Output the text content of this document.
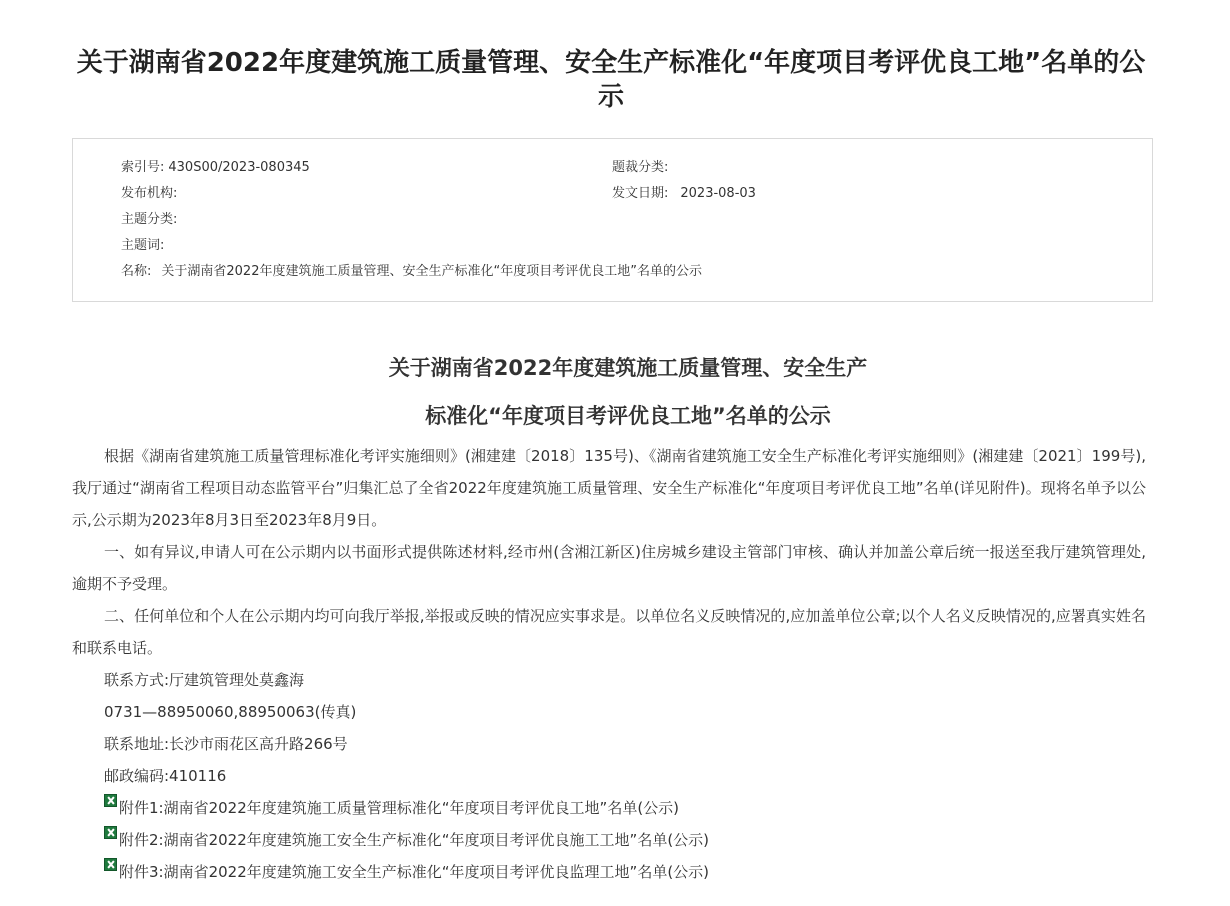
关于湖南省2022年度建筑施工质量管理、安全生产标准化“年度项目考评优良工地”名单的公
示
索引号: 430S00/2023-080345	题裁分类:
发布机构:	发文日期: 2023-08-03
主题分类:
主题词:
名称: 关于湖南省2022年度建筑施工质量管理、安全生产标准化“年度项目考评优良工地”名单的公示
关于湖南省2022年度建筑施工质量管理、安全生产
标准化“年度项目考评优良工地”名单的公示

根据《湖南省建筑施工质量管理标准化考评实施细则》(湘建建〔2018〕135号)、《湖南省建筑施工安全生产标准化考评实施细则》(湘建建〔2021〕199号),我厅通过“湖南省工程项目动态监管平台”归集汇总了全省2022年度建筑施工质量管理、安全生产标准化“年度项目考评优良工地”名单(详见附件)。现将名单予以公示,公示期为2023年8月3日至2023年8月9日。

一、如有异议,申请人可在公示期内以书面形式提供陈述材料,经市州(含湘江新区)住房城乡建设主管部门审核、确认并加盖公章后统一报送至我厅建筑管理处,逾期不予受理。

二、任何单位和个人在公示期内均可向我厅举报,举报或反映的情况应实事求是。以单位名义反映情况的,应加盖单位公章;以个人名义反映情况的,应署真实姓名和联系电话。

联系方式:厅建筑管理处莫鑫海

0731—88950060,88950063(传真)

联系地址:长沙市雨花区高升路266号

邮政编码:410116

附件1:湖南省2022年度建筑施工质量管理标准化“年度项目考评优良工地”名单(公示)

附件2:湖南省2022年度建筑施工安全生产标准化“年度项目考评优良施工工地”名单(公示)

附件3:湖南省2022年度建筑施工安全生产标准化“年度项目考评优良监理工地”名单(公示)
